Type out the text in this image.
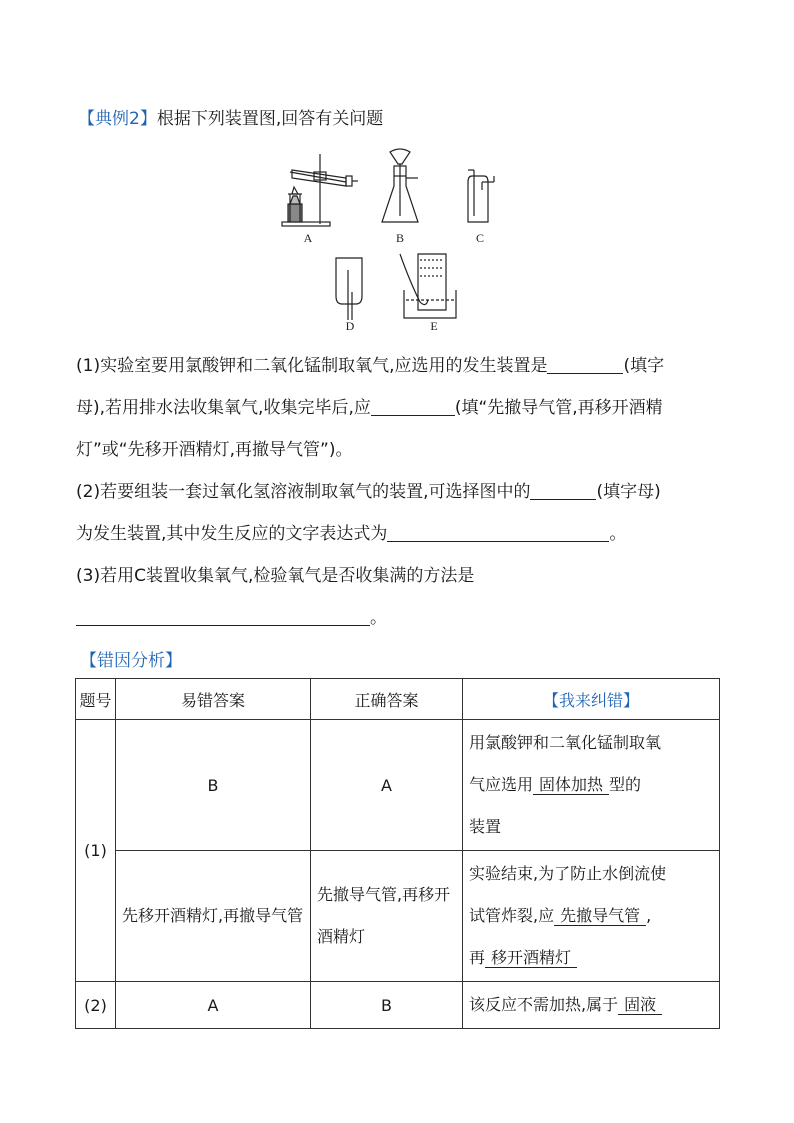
【典例2】根据下列装置图,回答有关问题
A	B	C
D	E
(1)实验室要用氯酸钾和二氧化锰制取氧气,应选用的发生装置是	(填字
母),若用排水法收集氧气,收集完毕后,应	(填“先撤导气管,再移开酒精
灯”或“先移开酒精灯,再撤导气管”)。
(2)若要组装一套过氧化氢溶液制取氧气的装置,可选择图中的	(填字母)
为发生装置,其中发生反应的文字表达式为	。
(3)若用C装置收集氧气,检验氧气是否收集满的方法是
。
【错因分析】
题号	易错答案	正确答案	【我来纠错】
(1)	B	A	用氯酸钾和二氧化锰制取氧
气应选用 固体加热 型的
装置
	先移开酒精灯,再撤导气管	先撤导气管,再移开酒精灯	实验结束,为了防止水倒流使
试管炸裂,应 先撤导气管 ,
再 移开酒精灯
(2)	A	B	该反应不需加热,属于 固液
